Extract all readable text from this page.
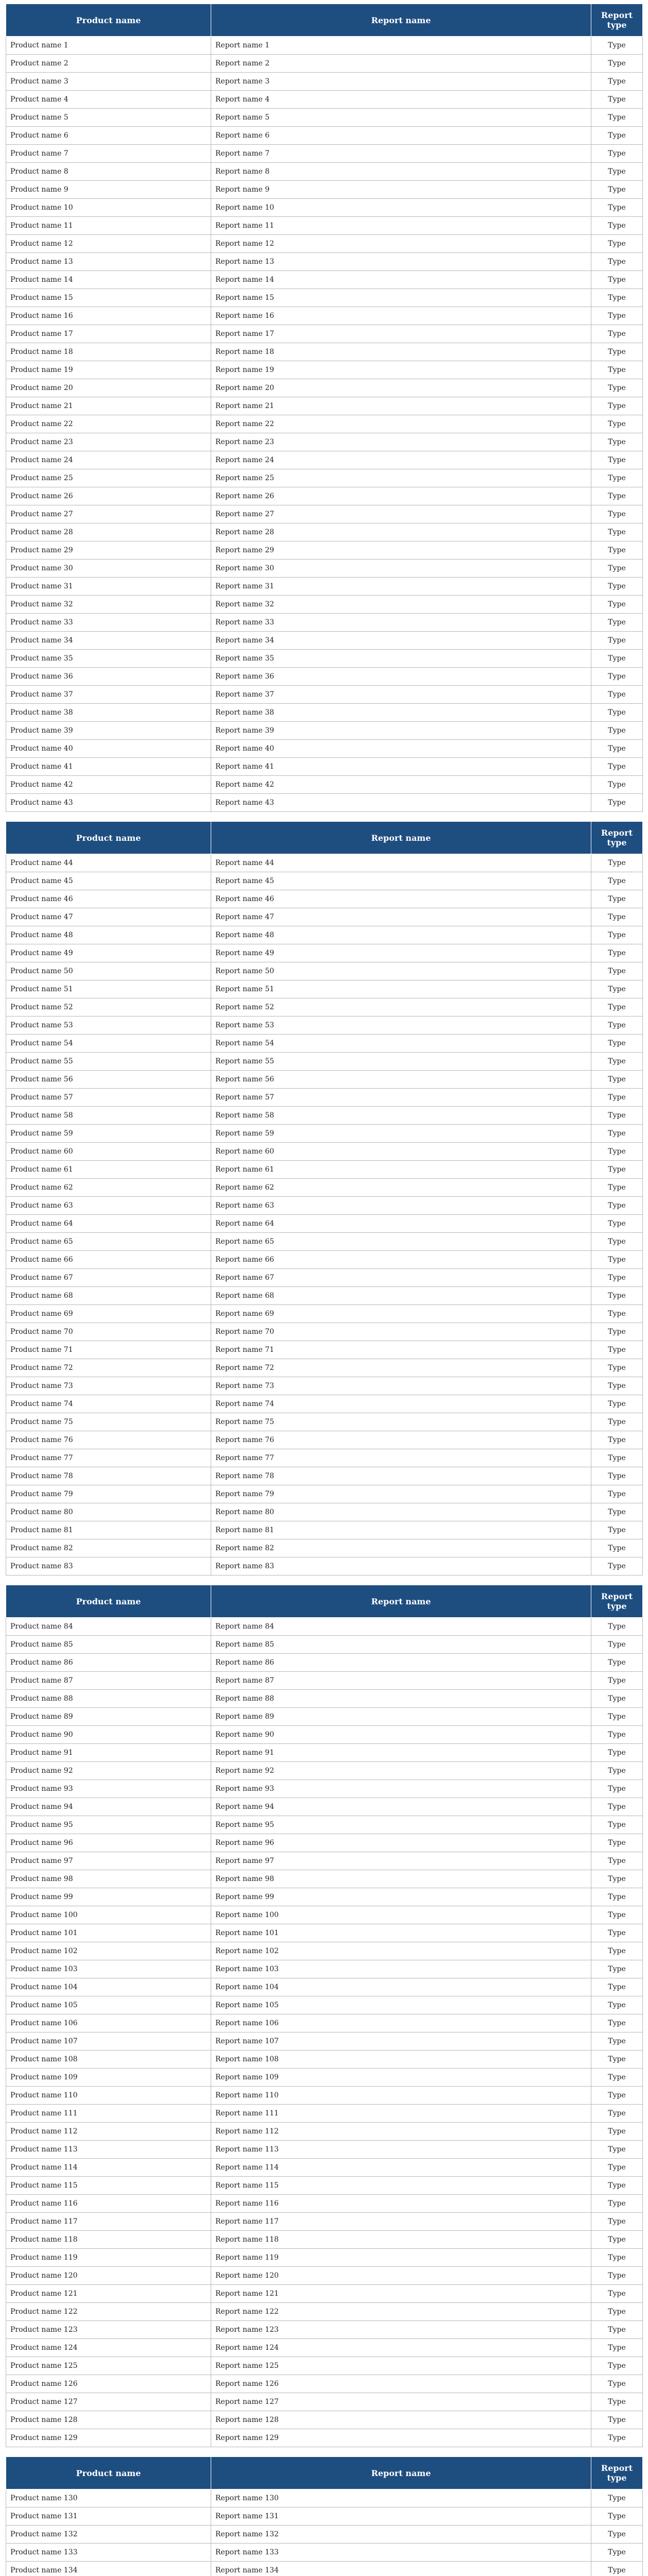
Product name	Report name	Report type
Product name 1	Report name 1	Type
Product name 2	Report name 2	Type
Product name 3	Report name 3	Type
Product name 4	Report name 4	Type
Product name 5	Report name 5	Type
Product name 6	Report name 6	Type
Product name 7	Report name 7	Type
Product name 8	Report name 8	Type
Product name 9	Report name 9	Type
Product name 10	Report name 10	Type
Product name 11	Report name 11	Type
Product name 12	Report name 12	Type
Product name 13	Report name 13	Type
Product name 14	Report name 14	Type
Product name 15	Report name 15	Type
Product name 16	Report name 16	Type
Product name 17	Report name 17	Type
Product name 18	Report name 18	Type
Product name 19	Report name 19	Type
Product name 20	Report name 20	Type
Product name 21	Report name 21	Type
Product name 22	Report name 22	Type
Product name 23	Report name 23	Type
Product name 24	Report name 24	Type
Product name 25	Report name 25	Type
Product name 26	Report name 26	Type
Product name 27	Report name 27	Type
Product name 28	Report name 28	Type
Product name 29	Report name 29	Type
Product name 30	Report name 30	Type
Product name 31	Report name 31	Type
Product name 32	Report name 32	Type
Product name 33	Report name 33	Type
Product name 34	Report name 34	Type
Product name 35	Report name 35	Type
Product name 36	Report name 36	Type
Product name 37	Report name 37	Type
Product name 38	Report name 38	Type
Product name 39	Report name 39	Type
Product name 40	Report name 40	Type
Product name 41	Report name 41	Type
Product name 42	Report name 42	Type
Product name 43	Report name 43	Type
Product name	Report name	Report type
Product name 44	Report name 44	Type
Product name 45	Report name 45	Type
Product name 46	Report name 46	Type
Product name 47	Report name 47	Type
Product name 48	Report name 48	Type
Product name 49	Report name 49	Type
Product name 50	Report name 50	Type
Product name 51	Report name 51	Type
Product name 52	Report name 52	Type
Product name 53	Report name 53	Type
Product name 54	Report name 54	Type
Product name 55	Report name 55	Type
Product name 56	Report name 56	Type
Product name 57	Report name 57	Type
Product name 58	Report name 58	Type
Product name 59	Report name 59	Type
Product name 60	Report name 60	Type
Product name 61	Report name 61	Type
Product name 62	Report name 62	Type
Product name 63	Report name 63	Type
Product name 64	Report name 64	Type
Product name 65	Report name 65	Type
Product name 66	Report name 66	Type
Product name 67	Report name 67	Type
Product name 68	Report name 68	Type
Product name 69	Report name 69	Type
Product name 70	Report name 70	Type
Product name 71	Report name 71	Type
Product name 72	Report name 72	Type
Product name 73	Report name 73	Type
Product name 74	Report name 74	Type
Product name 75	Report name 75	Type
Product name 76	Report name 76	Type
Product name 77	Report name 77	Type
Product name 78	Report name 78	Type
Product name 79	Report name 79	Type
Product name 80	Report name 80	Type
Product name 81	Report name 81	Type
Product name 82	Report name 82	Type
Product name 83	Report name 83	Type
Product name	Report name	Report type
Product name 84	Report name 84	Type
Product name 85	Report name 85	Type
Product name 86	Report name 86	Type
Product name 87	Report name 87	Type
Product name 88	Report name 88	Type
Product name 89	Report name 89	Type
Product name 90	Report name 90	Type
Product name 91	Report name 91	Type
Product name 92	Report name 92	Type
Product name 93	Report name 93	Type
Product name 94	Report name 94	Type
Product name 95	Report name 95	Type
Product name 96	Report name 96	Type
Product name 97	Report name 97	Type
Product name 98	Report name 98	Type
Product name 99	Report name 99	Type
Product name 100	Report name 100	Type
Product name 101	Report name 101	Type
Product name 102	Report name 102	Type
Product name 103	Report name 103	Type
Product name 104	Report name 104	Type
Product name 105	Report name 105	Type
Product name 106	Report name 106	Type
Product name 107	Report name 107	Type
Product name 108	Report name 108	Type
Product name 109	Report name 109	Type
Product name 110	Report name 110	Type
Product name 111	Report name 111	Type
Product name 112	Report name 112	Type
Product name 113	Report name 113	Type
Product name 114	Report name 114	Type
Product name 115	Report name 115	Type
Product name 116	Report name 116	Type
Product name 117	Report name 117	Type
Product name 118	Report name 118	Type
Product name 119	Report name 119	Type
Product name 120	Report name 120	Type
Product name 121	Report name 121	Type
Product name 122	Report name 122	Type
Product name 123	Report name 123	Type
Product name 124	Report name 124	Type
Product name 125	Report name 125	Type
Product name 126	Report name 126	Type
Product name 127	Report name 127	Type
Product name 128	Report name 128	Type
Product name 129	Report name 129	Type
Product name	Report name	Report type
Product name 130	Report name 130	Type
Product name 131	Report name 131	Type
Product name 132	Report name 132	Type
Product name 133	Report name 133	Type
Product name 134	Report name 134	Type
